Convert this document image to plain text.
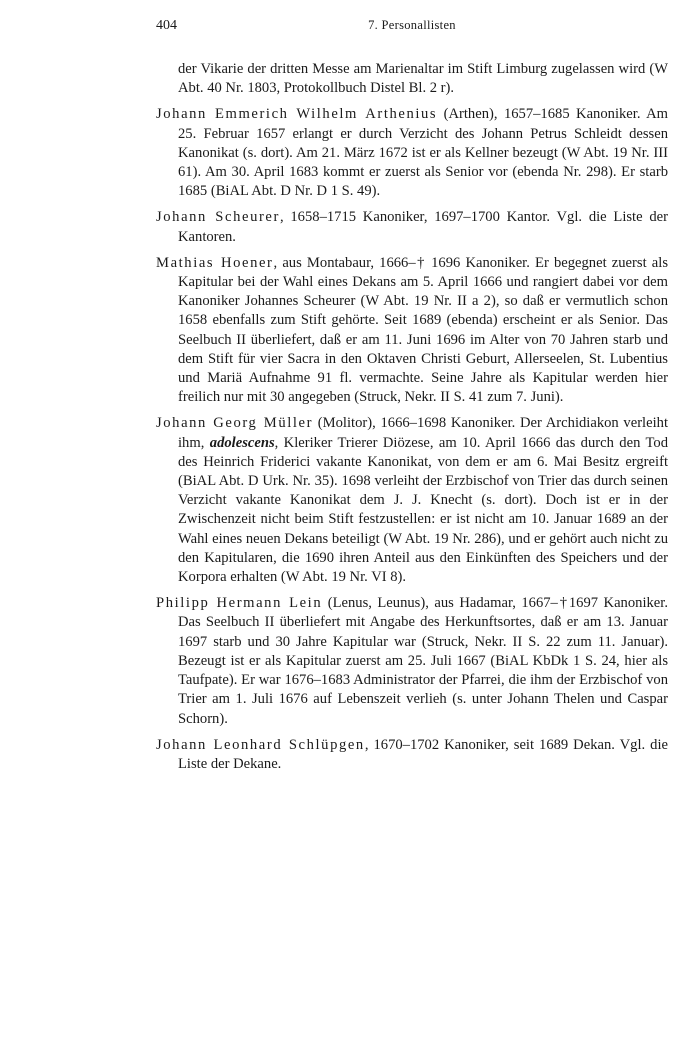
404	7. Personallisten

der Vikarie der dritten Messe am Marienaltar im Stift Limburg zugelassen wird (W Abt. 40 Nr. 1803, Protokollbuch Distel Bl. 2 r).

Johann Emmerich Wilhelm Arthenius (Arthen), 1657–1685 Kanoniker. Am 25. Februar 1657 erlangt er durch Verzicht des Johann Petrus Schleidt dessen Kanonikat (s. dort). Am 21. März 1672 ist er als Kellner bezeugt (W Abt. 19 Nr. III 61). Am 30. April 1683 kommt er zuerst als Senior vor (ebenda Nr. 298). Er starb 1685 (BiAL Abt. D Nr. D 1 S. 49).

Johann Scheurer, 1658–1715 Kanoniker, 1697–1700 Kantor. Vgl. die Liste der Kantoren.

Mathias Hoener, aus Montabaur, 1666–† 1696 Kanoniker. Er begegnet zuerst als Kapitular bei der Wahl eines Dekans am 5. April 1666 und rangiert dabei vor dem Kanoniker Johannes Scheurer (W Abt. 19 Nr. II a 2), so daß er vermutlich schon 1658 ebenfalls zum Stift gehörte. Seit 1689 (ebenda) erscheint er als Senior. Das Seelbuch II überliefert, daß er am 11. Juni 1696 im Alter von 70 Jahren starb und dem Stift für vier Sacra in den Oktaven Christi Geburt, Allerseelen, St. Lubentius und Mariä Aufnahme 91 fl. vermachte. Seine Jahre als Kapitular werden hier freilich nur mit 30 angegeben (Struck, Nekr. II S. 41 zum 7. Juni).

Johann Georg Müller (Molitor), 1666–1698 Kanoniker. Der Archidiakon verleiht ihm, adolescens, Kleriker Trierer Diözese, am 10. April 1666 das durch den Tod des Heinrich Friderici vakante Kanonikat, von dem er am 6. Mai Besitz ergreift (BiAL Abt. D Urk. Nr. 35). 1698 verleiht der Erzbischof von Trier das durch seinen Verzicht vakante Kanonikat dem J. J. Knecht (s. dort). Doch ist er in der Zwischenzeit nicht beim Stift festzustellen: er ist nicht am 10. Januar 1689 an der Wahl eines neuen Dekans beteiligt (W Abt. 19 Nr. 286), und er gehört auch nicht zu den Kapitularen, die 1690 ihren Anteil aus den Einkünften des Speichers und der Korpora erhalten (W Abt. 19 Nr. VI 8).

Philipp Hermann Lein (Lenus, Leunus), aus Hadamar, 1667–†1697 Kanoniker. Das Seelbuch II überliefert mit Angabe des Herkunftsortes, daß er am 13. Januar 1697 starb und 30 Jahre Kapitular war (Struck, Nekr. II S. 22 zum 11. Januar). Bezeugt ist er als Kapitular zuerst am 25. Juli 1667 (BiAL KbDk 1 S. 24, hier als Taufpate). Er war 1676–1683 Administrator der Pfarrei, die ihm der Erzbischof von Trier am 1. Juli 1676 auf Lebenszeit verlieh (s. unter Johann Thelen und Caspar Schorn).

Johann Leonhard Schlüpgen, 1670–1702 Kanoniker, seit 1689 Dekan. Vgl. die Liste der Dekane.
